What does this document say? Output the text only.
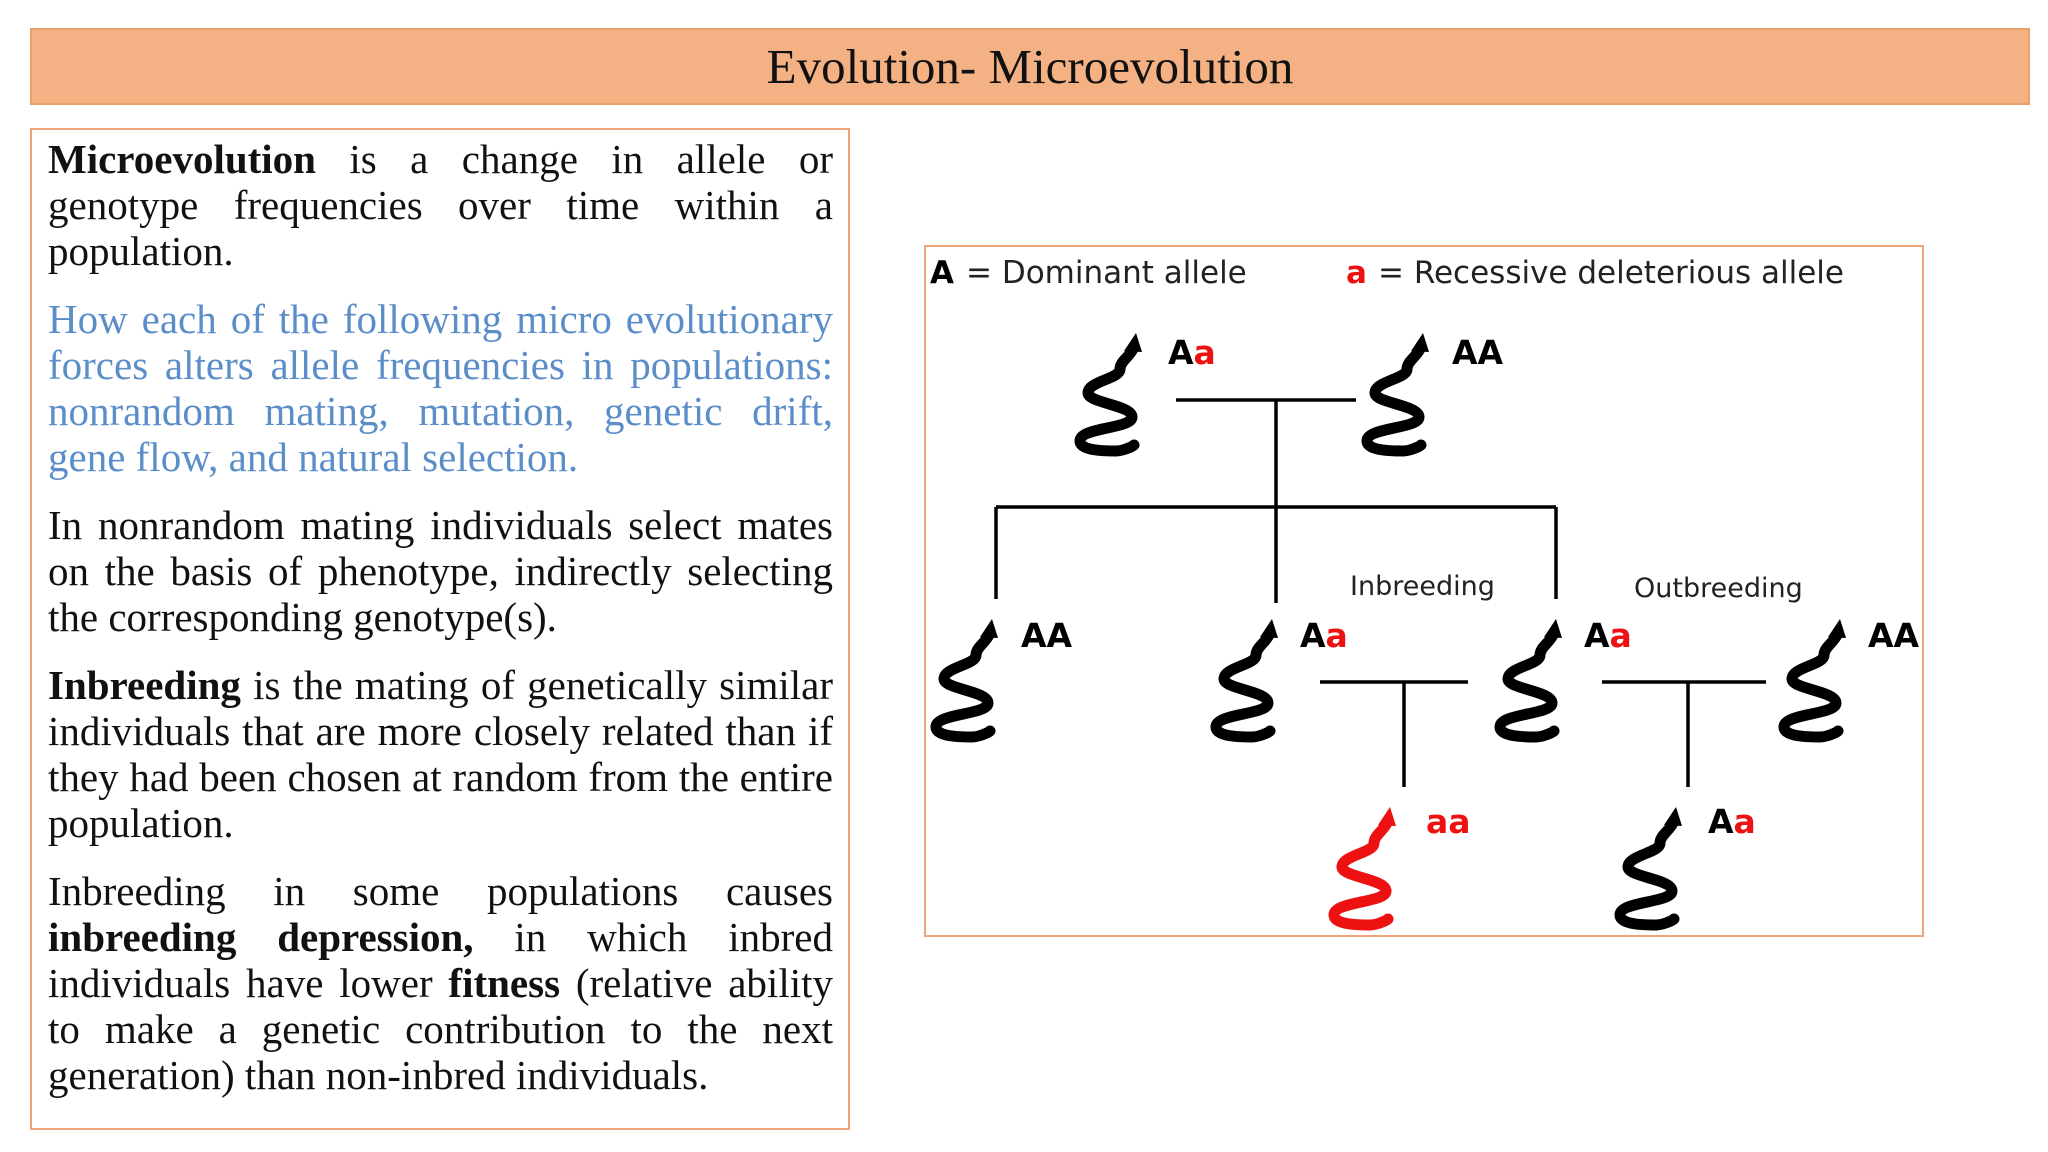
Evolution- Microevolution

Microevolution is a change in allele or genotype frequencies over time within a population.

How each of the following micro evolutionary forces alters allele frequencies in populations: nonrandom mating, mutation, genetic drift, gene flow, and natural selection.

In nonrandom mating individuals select mates on the basis of phenotype, indirectly selecting the corresponding genotype(s).

Inbreeding is the mating of genetically similar individuals that are more closely related than if they had been chosen at random from the entire population.

Inbreeding in some populations causes inbreeding depression, in which inbred individuals have lower fitness (relative ability to make a genetic contribution to the next generation) than non-inbred individuals.

A = Dominant allele	a = Recessive deleterious allele
Inbreeding	Outbreeding
Aa	AA
AA	Aa	Aa	AA
aa	Aa
